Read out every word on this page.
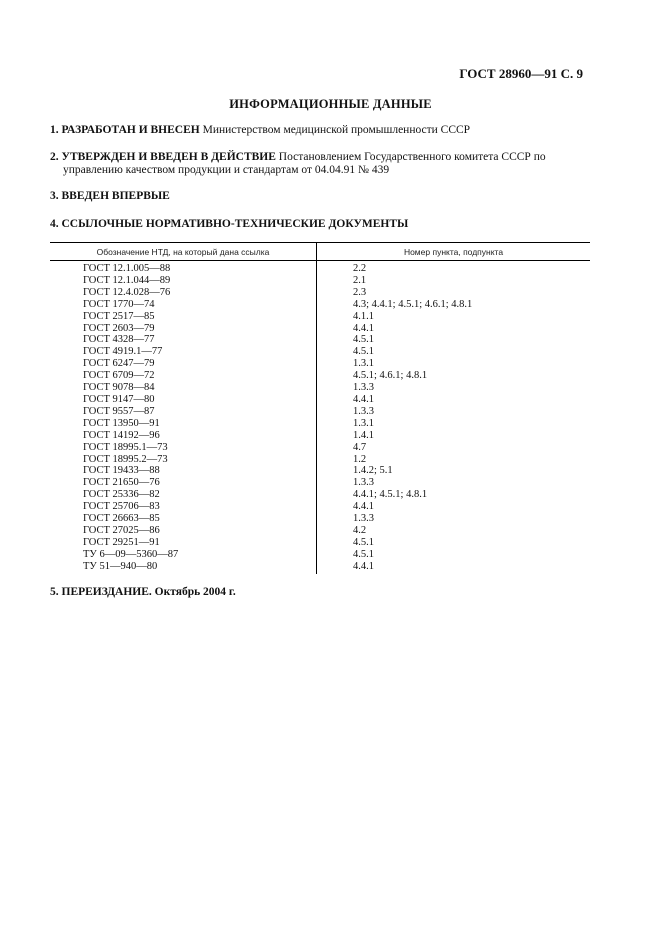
ГОСТ 28960—91 С. 9
ИНФОРМАЦИОННЫЕ ДАННЫЕ
1. РАЗРАБОТАН И ВНЕСЕН Министерством медицинской промышленности СССР
2. УТВЕРЖДЕН И ВВЕДЕН В ДЕЙСТВИЕ Постановлением Государственного комитета СССР по
управлению качеством продукции и стандартам от 04.04.91 № 439
3. ВВЕДЕН ВПЕРВЫЕ
4. ССЫЛОЧНЫЕ НОРМАТИВНО-ТЕХНИЧЕСКИЕ ДОКУМЕНТЫ
Обозначение НТД, на который дана ссылка	Номер пункта, подпункта
ГОСТ 12.1.005—88	2.2
ГОСТ 12.1.044—89	2.1
ГОСТ 12.4.028—76	2.3
ГОСТ 1770—74	4.3; 4.4.1; 4.5.1; 4.6.1; 4.8.1
ГОСТ 2517—85	4.1.1
ГОСТ 2603—79	4.4.1
ГОСТ 4328—77	4.5.1
ГОСТ 4919.1—77	4.5.1
ГОСТ 6247—79	1.3.1
ГОСТ 6709—72	4.5.1; 4.6.1; 4.8.1
ГОСТ 9078—84	1.3.3
ГОСТ 9147—80	4.4.1
ГОСТ 9557—87	1.3.3
ГОСТ 13950—91	1.3.1
ГОСТ 14192—96	1.4.1
ГОСТ 18995.1—73	4.7
ГОСТ 18995.2—73	1.2
ГОСТ 19433—88	1.4.2; 5.1
ГОСТ 21650—76	1.3.3
ГОСТ 25336—82	4.4.1; 4.5.1; 4.8.1
ГОСТ 25706—83	4.4.1
ГОСТ 26663—85	1.3.3
ГОСТ 27025—86	4.2
ГОСТ 29251—91	4.5.1
ТУ 6—09—5360—87	4.5.1
ТУ 51—940—80	4.4.1
5. ПЕРЕИЗДАНИЕ. Октябрь 2004 г.
